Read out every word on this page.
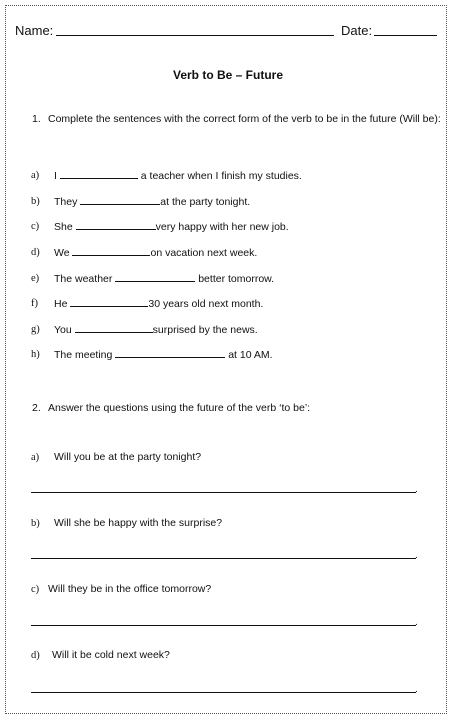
Name:	Date:
Verb to Be – Future
1. Complete the sentences with the correct form of the verb to be in the future (Will be):
a) I	a teacher when I finish my studies.
b) They	at the party tonight.
c) She	very happy with her new job.
d) We	on vacation next week.
e) The weather	better tomorrow.
f) He	30 years old next month.
g) You	surprised by the news.
h) The meeting	at 10 AM.
2. Answer the questions using the future of the verb ‘to be’:
a) Will you be at the party tonight?
.
b) Will she be happy with the surprise?
.
c) Will they be in the office tomorrow?
.
d) Will it be cold next week?
.
